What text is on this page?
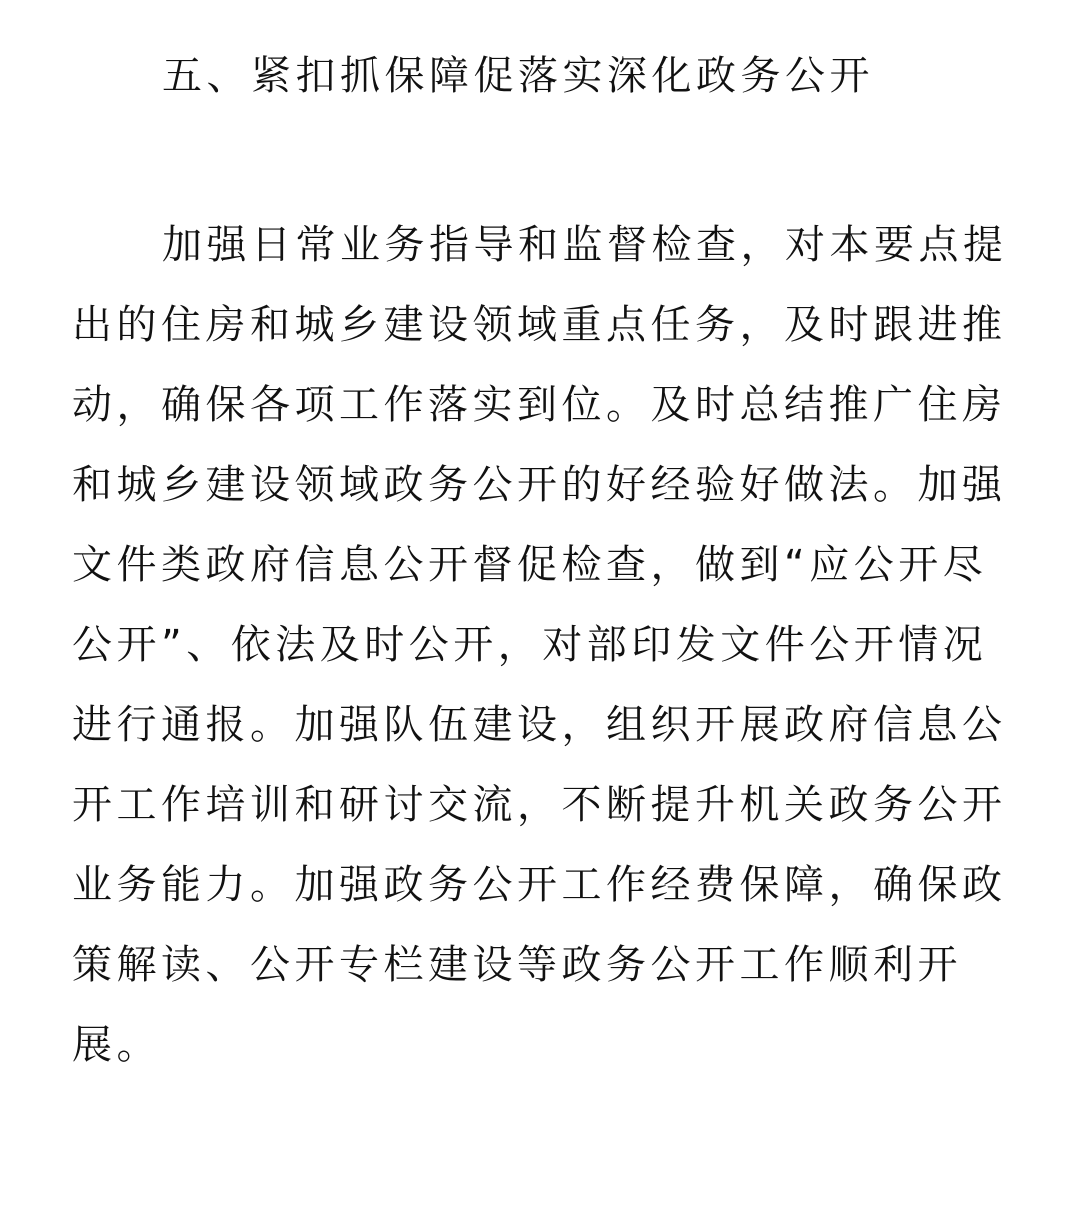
五、紧扣抓保障促落实深化政务公开
加强日常业务指导和监督检查，对本要点提
出的住房和城乡建设领域重点任务，及时跟进推
动，确保各项工作落实到位。及时总结推广住房
和城乡建设领域政务公开的好经验好做法。加强
文件类政府信息公开督促检查，做到“应公开尽
公开”、依法及时公开，对部印发文件公开情况
进行通报。加强队伍建设，组织开展政府信息公
开工作培训和研讨交流，不断提升机关政务公开
业务能力。加强政务公开工作经费保障，确保政
策解读、公开专栏建设等政务公开工作顺利开
展。
